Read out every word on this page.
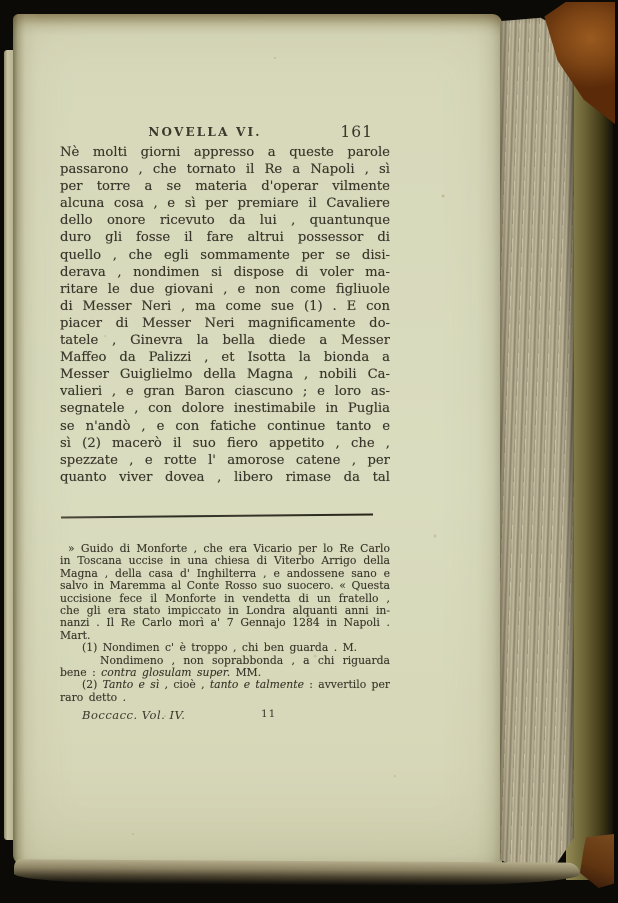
NOVELLA VI.	161
Nè molti giorni appresso a queste parole
passarono , che tornato il Re a Napoli , sì
per torre a se materia d'operar vilmente
alcuna cosa , e sì per premiare il Cavaliere
dello onore ricevuto da lui , quantunque
duro gli fosse il fare altrui possessor di
quello , che egli sommamente per se disi-
derava , nondimen si dispose di voler ma-
ritare le due giovani , e non come figliuole
di Messer Neri , ma come sue (1) . E con
piacer di Messer Neri magnificamente do-
tatele , Ginevra la bella diede a Messer
Maffeo da Palizzi , et Isotta la bionda a
Messer Guiglielmo della Magna , nobili Ca-
valieri , e gran Baron ciascuno ; e loro as-
segnatele , con dolore inestimabile in Puglia
se n'andò , e con fatiche continue tanto e
sì (2) macerò il suo fiero appetito , che ,
spezzate , e rotte l' amorose catene , per
quanto viver dovea , libero rimase da tal
» Guido di Monforte , che era Vicario per lo Re Carlo
in Toscana uccise in una chiesa di Viterbo Arrigo della
Magna , della casa d' Inghilterra , e andossene sano e
salvo in Maremma al Conte Rosso suo suocero. « Questa
uccisione fece il Monforte in vendetta di un fratello ,
che gli era stato impiccato in Londra alquanti anni in-
nanzi . Il Re Carlo morì a' 7 Gennajo 1284 in Napoli .
Mart.
(1) Nondimen c' è troppo , chi ben guarda . M.
Nondimeno , non soprabbonda , a chi riguarda
bene : contra glosulam super. MM.
(2) Tanto e sì , cioè , tanto e talmente : avvertilo per
raro detto .
Boccacc. Vol. IV.	11
